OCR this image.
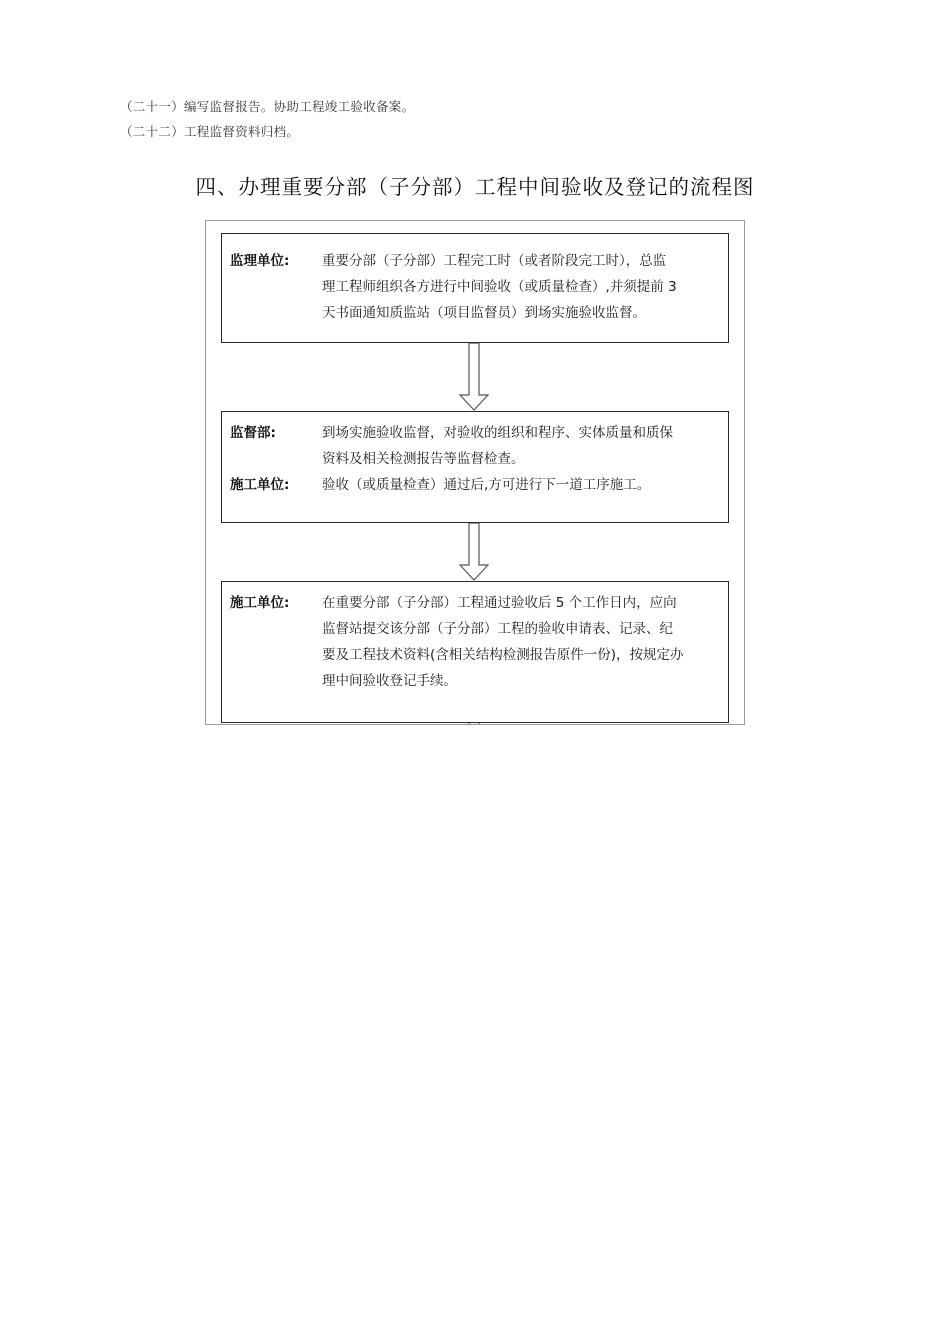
（二十一）编写监督报告。协助工程竣工验收备案。
（二十二）工程监督资料归档。
四、办理重要分部（子分部）工程中间验收及登记的流程图
监理单位: 重要分部（子分部）工程完工时（或者阶段完工时），总监
理工程师组织各方进行中间验收（或质量检查）,并须提前 3
天书面通知质监站（项目监督员）到场实施验收监督。
监督部:	到场实施验收监督，对验收的组织和程序、实体质量和质保
资料及相关检测报告等监督检查。
施工单位: 验收（或质量检查）通过后,方可进行下一道工序施工。
施工单位: 在重要分部（子分部）工程通过验收后 5 个工作日内，应向
监督站提交该分部（子分部）工程的验收申请表、记录、纪
要及工程技术资料(含相关结构检测报告原件一份)，按规定办
理中间验收登记手续。
